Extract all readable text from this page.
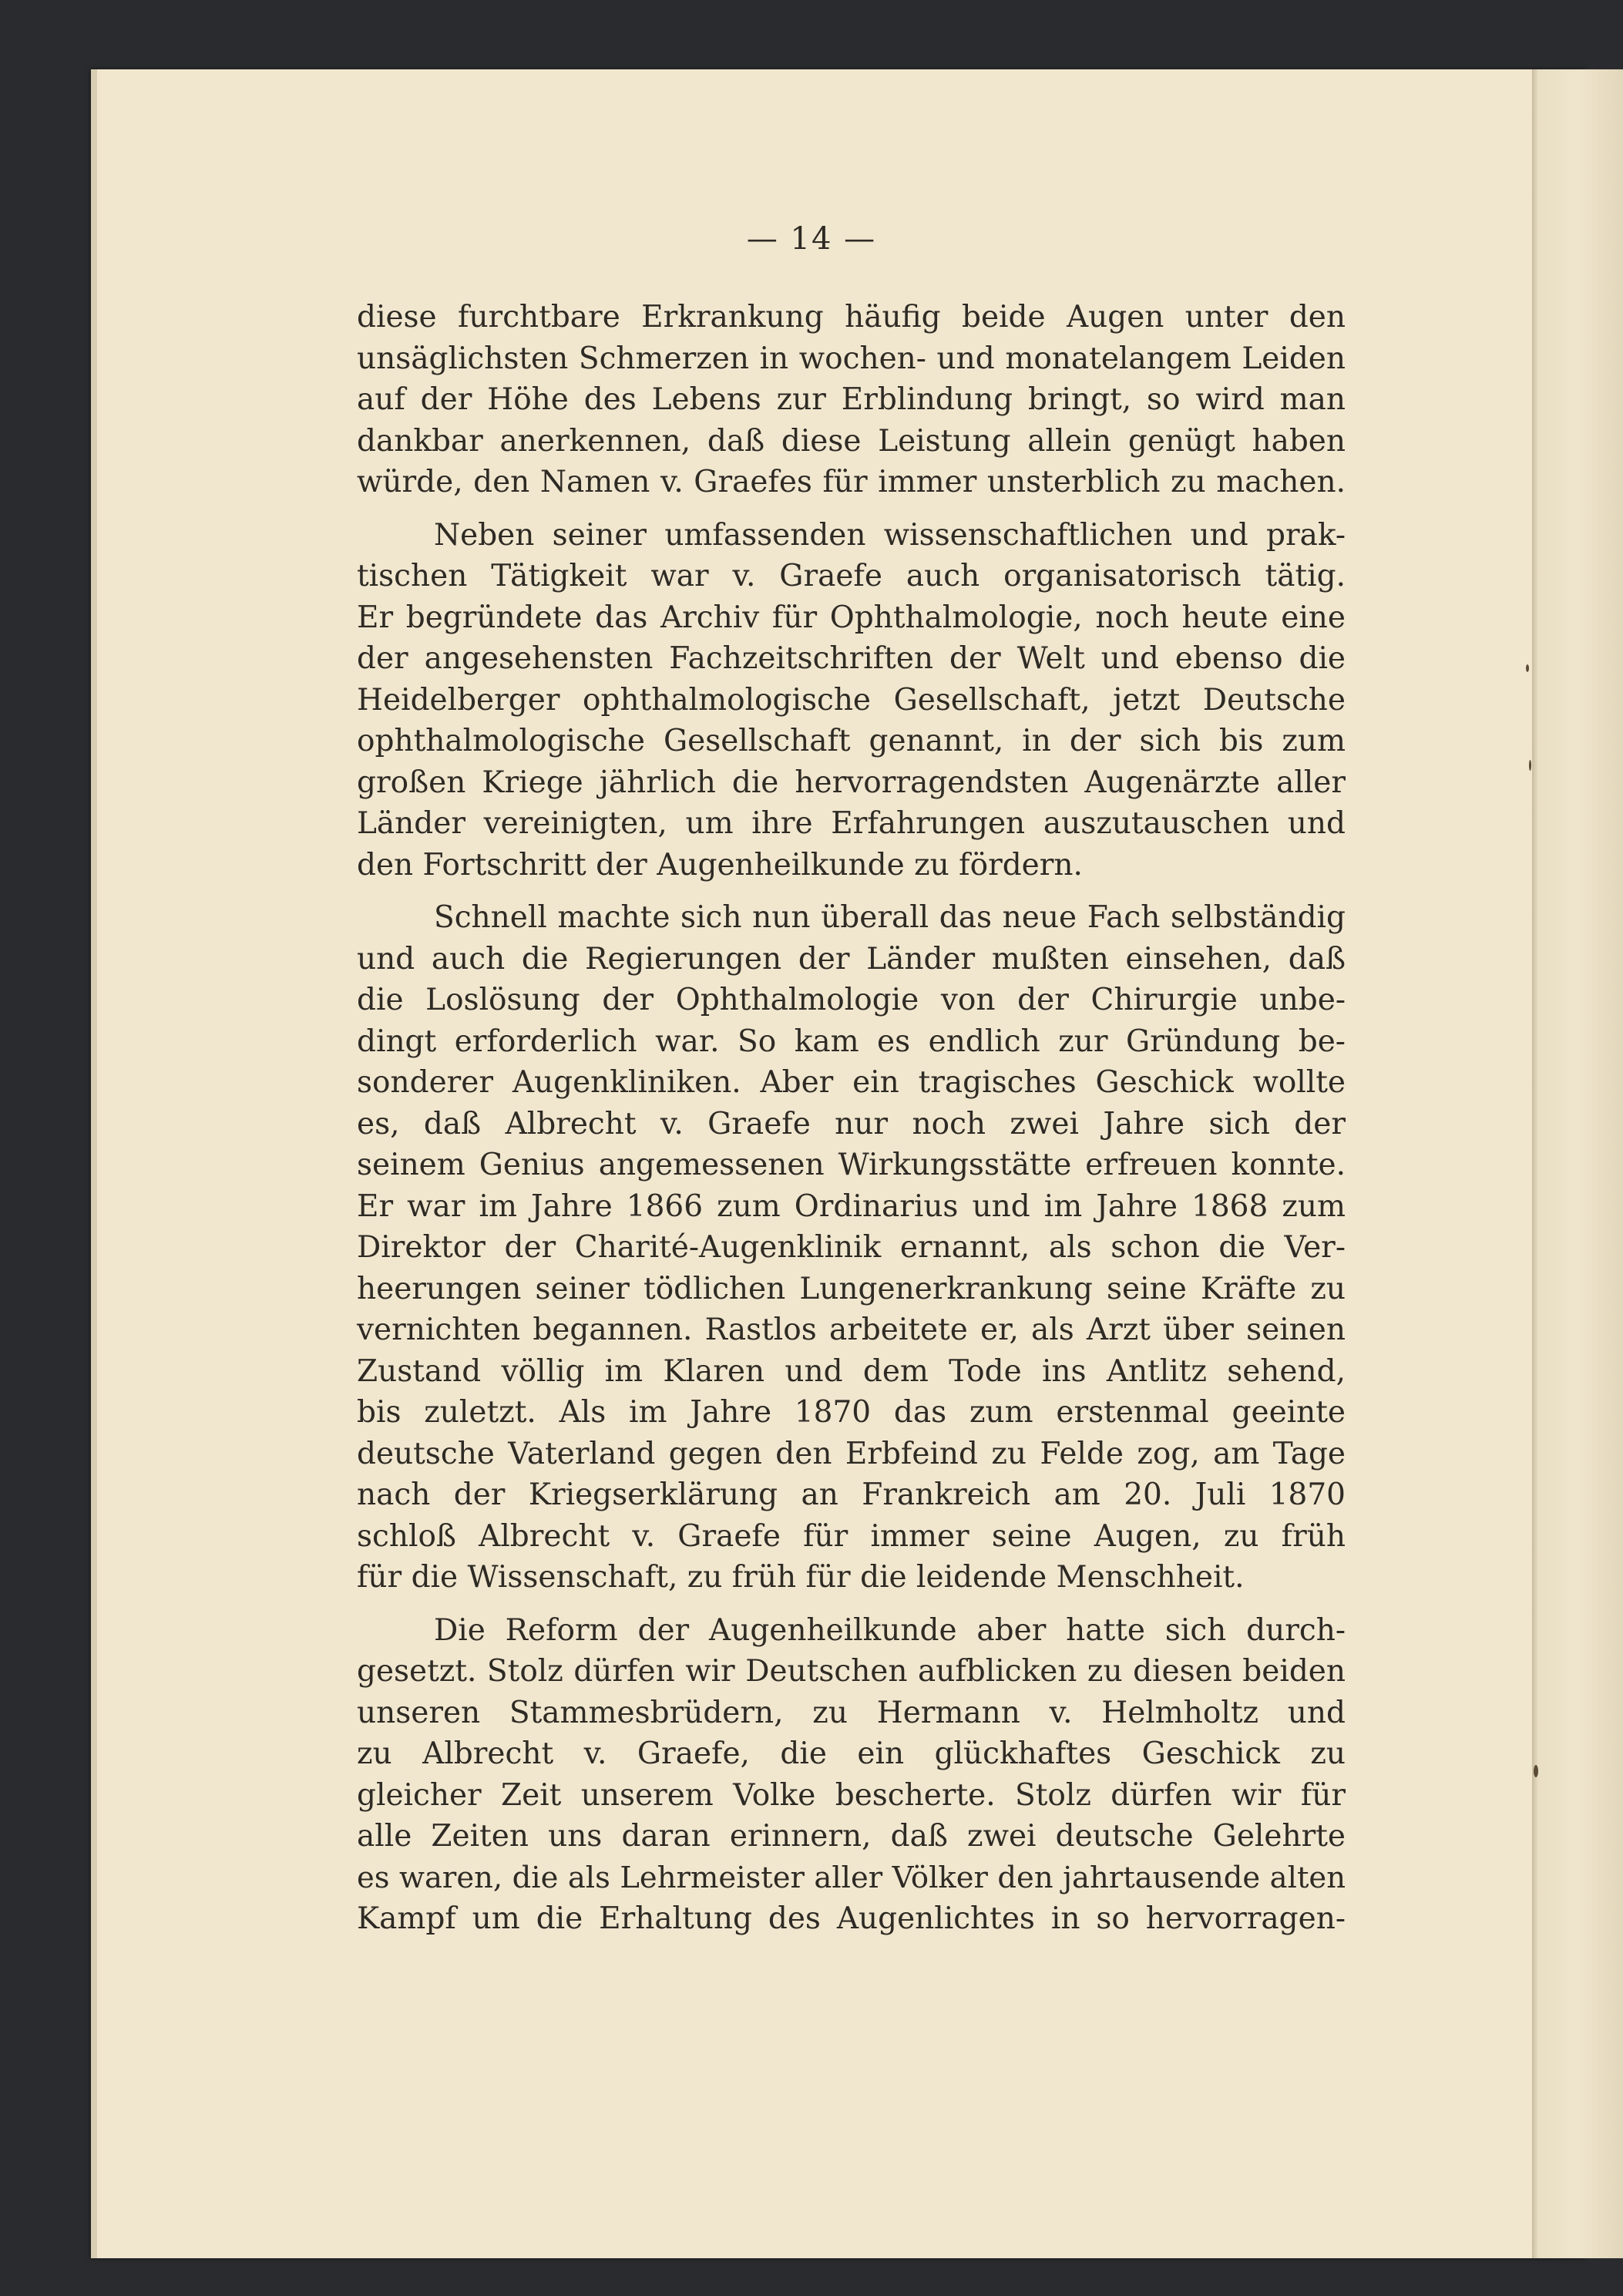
— 14 —
diese furchtbare Erkrankung häufig beide Augen unter den
unsäglichsten Schmerzen in wochen- und monatelangem Leiden
auf der Höhe des Lebens zur Erblindung bringt, so wird man
dankbar anerkennen, daß diese Leistung allein genügt haben
würde, den Namen v. Graefes für immer unsterblich zu machen.
Neben seiner umfassenden wissenschaftlichen und prak-
tischen Tätigkeit war v. Graefe auch organisatorisch tätig.
Er begründete das Archiv für Ophthalmologie, noch heute eine
der angesehensten Fachzeitschriften der Welt und ebenso die
Heidelberger ophthalmologische Gesellschaft, jetzt Deutsche
ophthalmologische Gesellschaft genannt, in der sich bis zum
großen Kriege jährlich die hervorragendsten Augenärzte aller
Länder vereinigten, um ihre Erfahrungen auszutauschen und
den Fortschritt der Augenheilkunde zu fördern.
Schnell machte sich nun überall das neue Fach selbständig
und auch die Regierungen der Länder mußten einsehen, daß
die Loslösung der Ophthalmologie von der Chirurgie unbe-
dingt erforderlich war. So kam es endlich zur Gründung be-
sonderer Augenkliniken. Aber ein tragisches Geschick wollte
es, daß Albrecht v. Graefe nur noch zwei Jahre sich der
seinem Genius angemessenen Wirkungsstätte erfreuen konnte.
Er war im Jahre 1866 zum Ordinarius und im Jahre 1868 zum
Direktor der Charité-Augenklinik ernannt, als schon die Ver-
heerungen seiner tödlichen Lungenerkrankung seine Kräfte zu
vernichten begannen. Rastlos arbeitete er, als Arzt über seinen
Zustand völlig im Klaren und dem Tode ins Antlitz sehend,
bis zuletzt. Als im Jahre 1870 das zum erstenmal geeinte
deutsche Vaterland gegen den Erbfeind zu Felde zog, am Tage
nach der Kriegserklärung an Frankreich am 20. Juli 1870
schloß Albrecht v. Graefe für immer seine Augen, zu früh
für die Wissenschaft, zu früh für die leidende Menschheit.
Die Reform der Augenheilkunde aber hatte sich durch-
gesetzt. Stolz dürfen wir Deutschen aufblicken zu diesen beiden
unseren Stammesbrüdern, zu Hermann v. Helmholtz und
zu Albrecht v. Graefe, die ein glückhaftes Geschick zu
gleicher Zeit unserem Volke bescherte. Stolz dürfen wir für
alle Zeiten uns daran erinnern, daß zwei deutsche Gelehrte
es waren, die als Lehrmeister aller Völker den jahrtausende alten
Kampf um die Erhaltung des Augenlichtes in so hervorragen-
